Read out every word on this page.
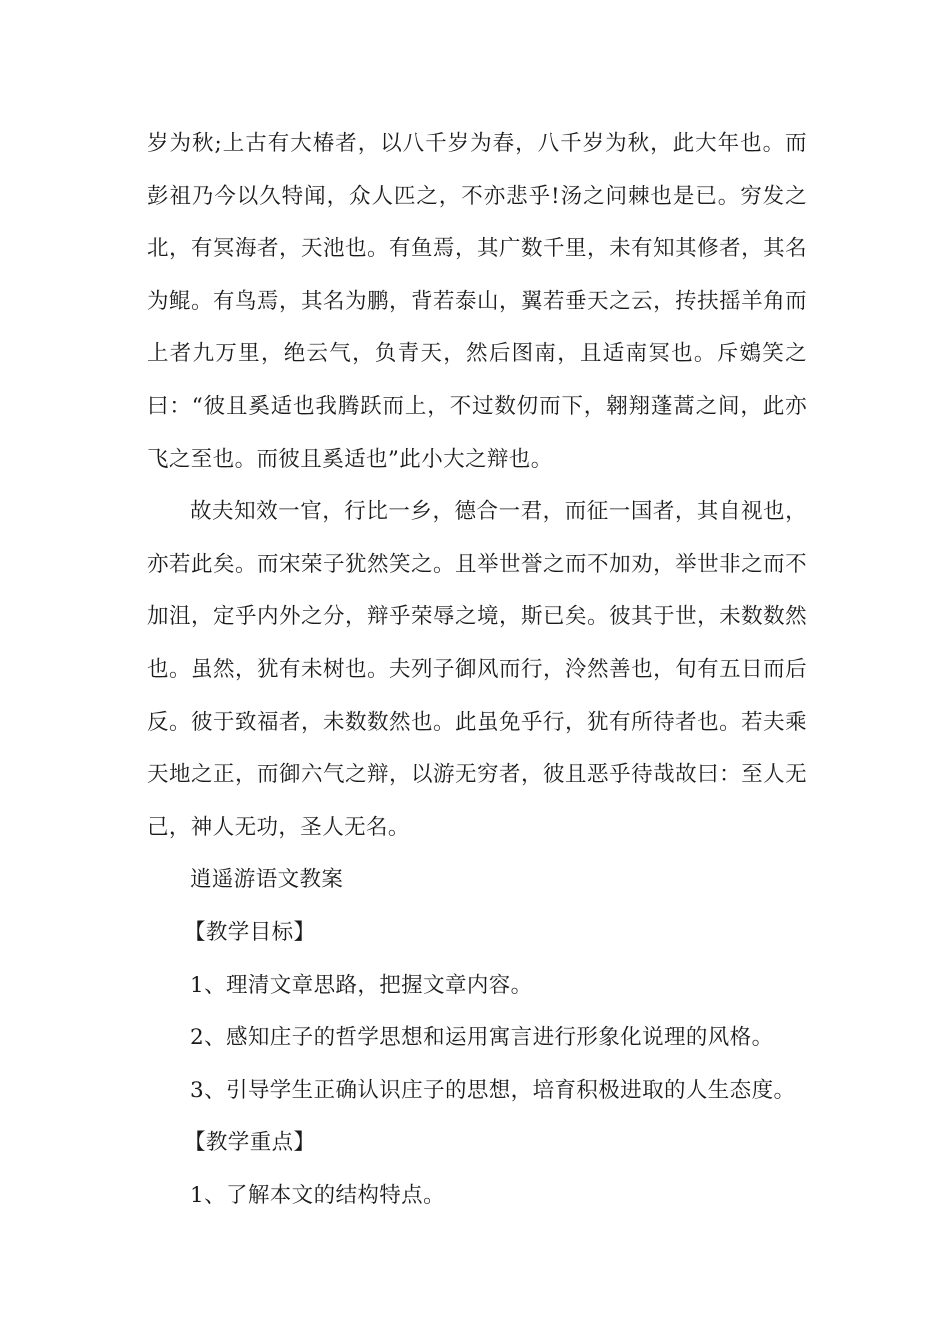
岁为秋;上古有大椿者，以八千岁为春，八千岁为秋，此大年也。而彭祖乃今以久特闻，众人匹之，不亦悲乎!汤之问棘也是已。穷发之北，有冥海者，天池也。有鱼焉，其广数千里，未有知其修者，其名为鲲。有鸟焉，其名为鹏，背若泰山，翼若垂天之云，抟扶摇羊角而上者九万里，绝云气，负青天，然后图南，且适南冥也。斥鴳笑之曰：“彼且奚适也我腾跃而上，不过数仞而下，翱翔蓬蒿之间，此亦飞之至也。而彼且奚适也”此小大之辩也。

故夫知效一官，行比一乡，德合一君，而征一国者，其自视也，亦若此矣。而宋荣子犹然笑之。且举世誉之而不加劝，举世非之而不加沮，定乎内外之分，辩乎荣辱之境，斯已矣。彼其于世，未数数然也。虽然，犹有未树也。夫列子御风而行，泠然善也，旬有五日而后反。彼于致福者，未数数然也。此虽免乎行，犹有所待者也。若夫乘天地之正，而御六气之辩，以游无穷者，彼且恶乎待哉故曰：至人无己，神人无功，圣人无名。

逍遥游语文教案
【教学目标】
1、理清文章思路，把握文章内容。
2、感知庄子的哲学思想和运用寓言进行形象化说理的风格。
3、引导学生正确认识庄子的思想，培育积极进取的人生态度。
【教学重点】
1、了解本文的结构特点。
